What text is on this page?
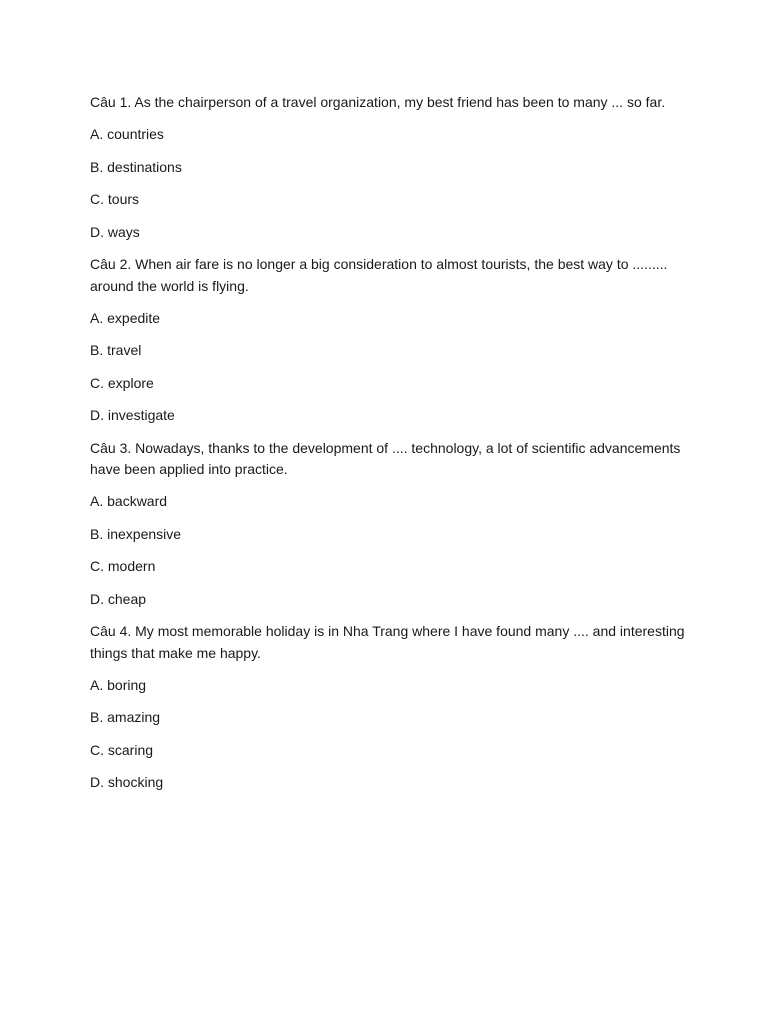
Câu 1. As the chairperson of a travel organization, my best friend has been to many ... so far.

A. countries

B. destinations

C. tours

D. ways

Câu 2. When air fare is no longer a big consideration to almost tourists, the best way to ......... around the world is flying.

A. expedite

B. travel

C. explore

D. investigate

Câu 3. Nowadays, thanks to the development of .... technology, a lot of scientific advancements have been applied into practice.

A. backward

B. inexpensive

C. modern

D. cheap

Câu 4. My most memorable holiday is in Nha Trang where I have found many .... and interesting things that make me happy.

A. boring

B. amazing

C. scaring

D. shocking
